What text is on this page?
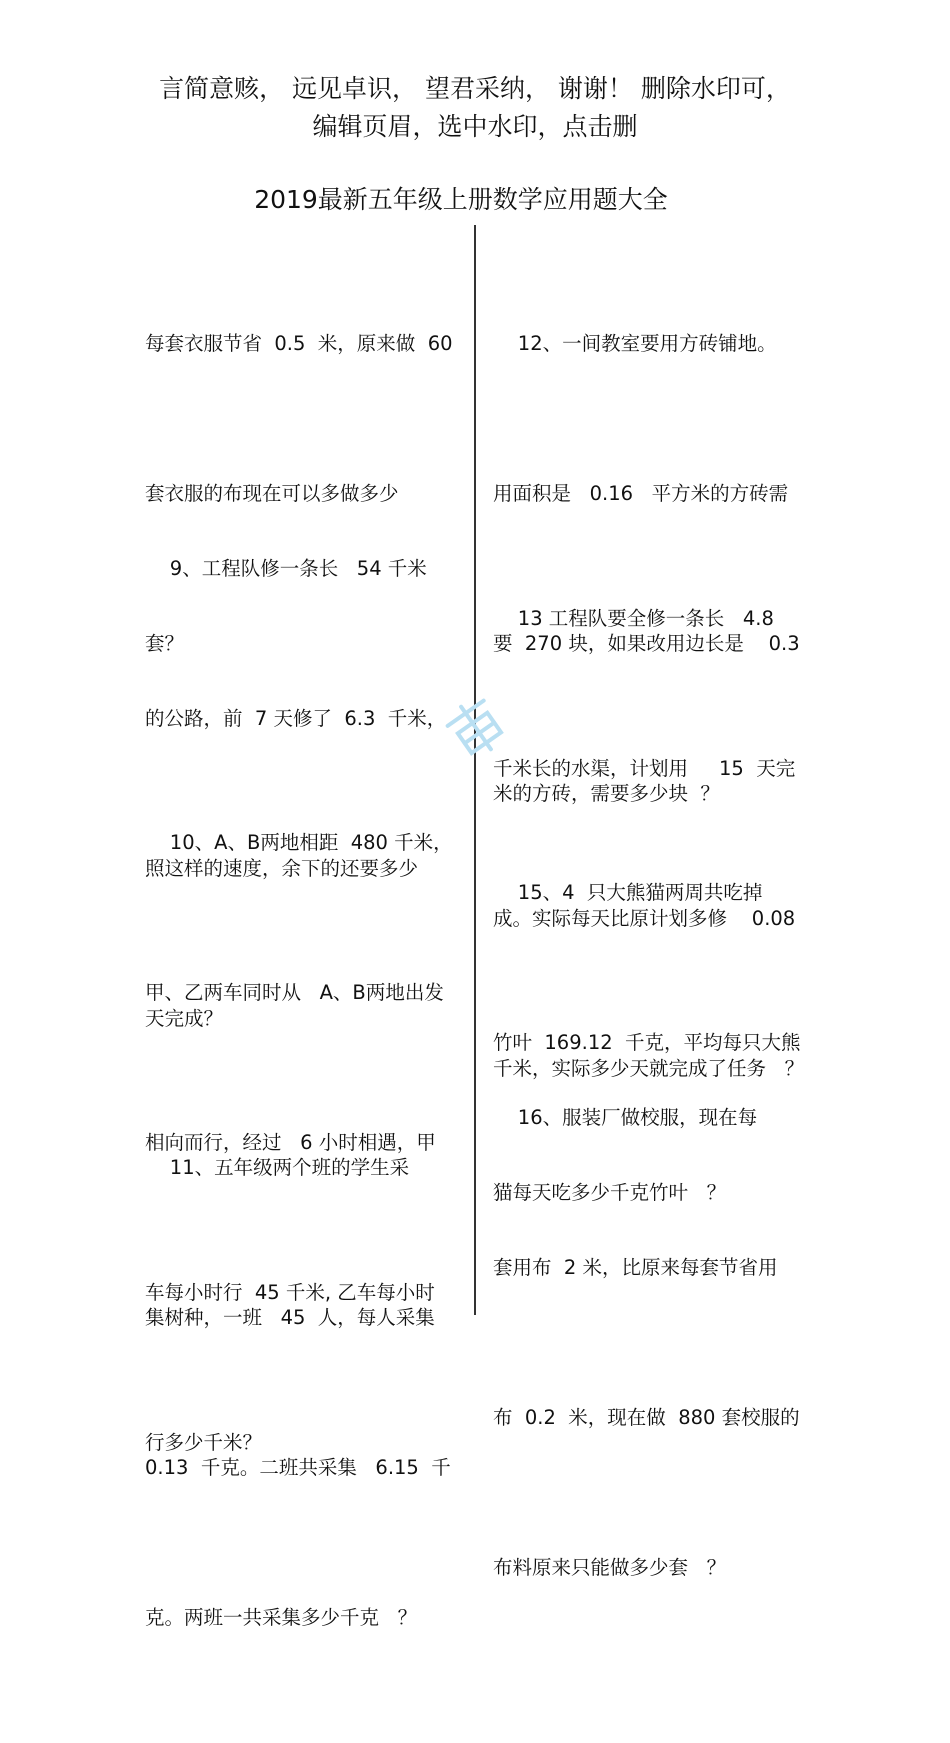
言简意赅， 远见卓识， 望君采纳， 谢谢！ 删除水印可，
编辑页眉，选中水印，点击删
2019最新五年级上册数学应用题大全

每套衣服节省  0.5  米，原来做  60

套衣服的布现在可以多做多少

套？

9、工程队修一条长   54 千米

的公路，前  7 天修了  6.3  千米，

照这样的速度，余下的还要多少

天完成？

10、A、B两地相距  480 千米，

甲、乙两车同时从   A、B两地出发

相向而行，经过   6 小时相遇，甲

车每小时行  45 千米, 乙车每小时

行多少千米？

11、五年级两个班的学生采

集树种，一班   45  人，每人采集

0.13  千克。二班共采集   6.15  千

克。两班一共采集多少千克   ？

12、一间教室要用方砖铺地。

用面积是   0.16   平方米的方砖需

要  270 块，如果改用边长是    0.3

米的方砖，需要多少块  ？

13 工程队要全修一条长   4.8

千米长的水渠，计划用     15  天完

成。实际每天比原计划多修    0.08

千米，实际多少天就完成了任务   ？

15、4  只大熊猫两周共吃掉

竹叶  169.12  千克，平均每只大熊

猫每天吃多少千克竹叶   ？

16、服装厂做校服，现在每

套用布  2 米，比原来每套节省用

布  0.2  米，现在做  880 套校服的

布料原来只能做多少套   ？
